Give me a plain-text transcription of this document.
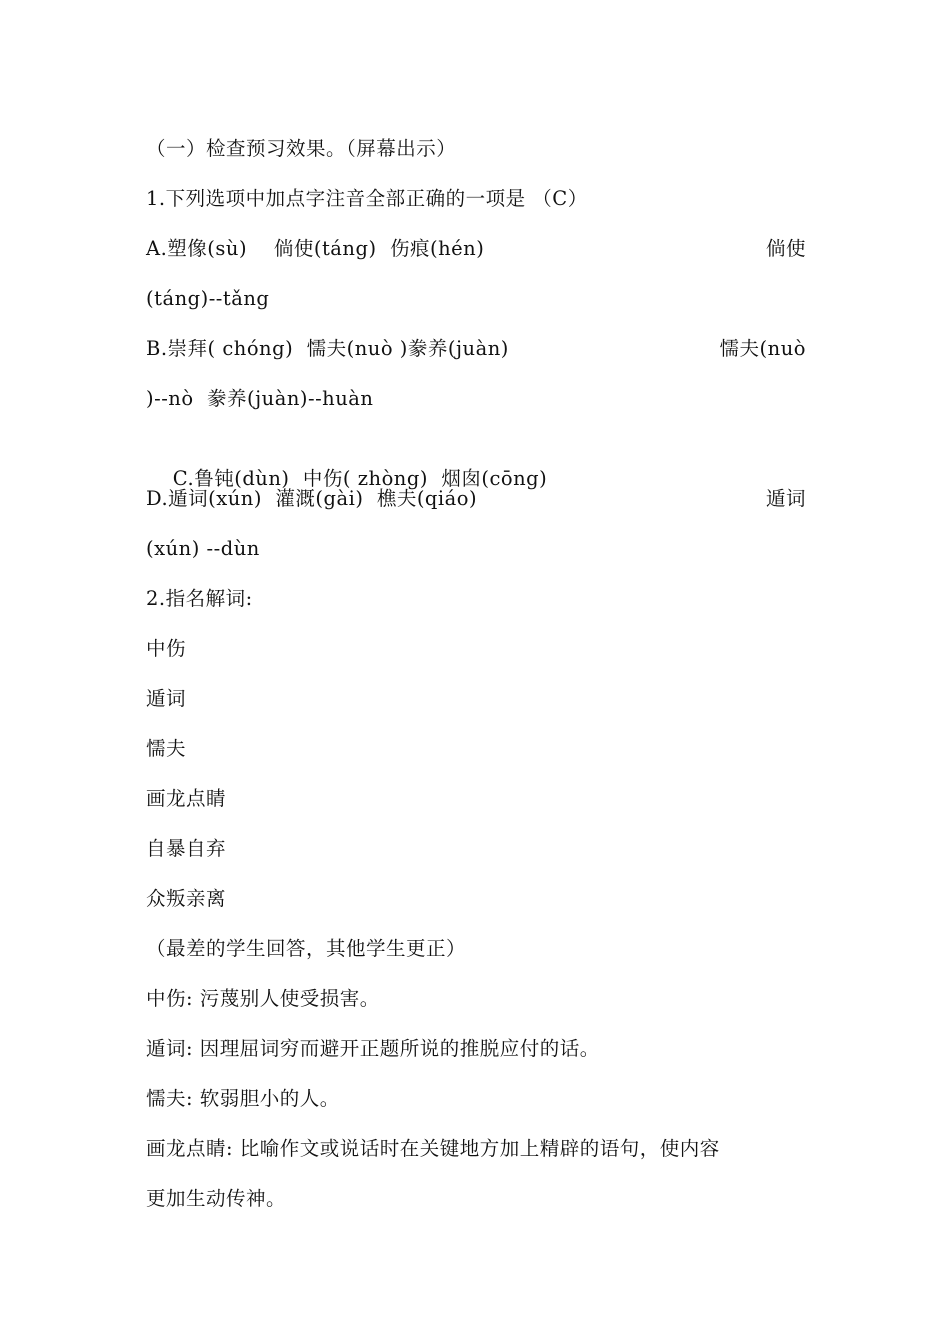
（一）检查预习效果。（屏幕出示）
1.下列选项中加点字注音全部正确的一项是 （C）
A.塑像(sù)    倘使(táng)  伤痕(hén)	倘使
(táng)--tǎng
B.崇拜( chóng)  懦夫(nuò )豢养(juàn)	懦夫(nuò
)--nò  豢养(juàn)--huàn

C.鲁钝(dùn)  中伤( zhòng)  烟囱(cōng)

D.遁词(xún)  灌溉(gài)  樵夫(qiáo)	遁词
(xún) --dùn
2.指名解词:
中伤
遁词
懦夫
画龙点睛
自暴自弃
众叛亲离
（最差的学生回答，其他学生更正）
中伤: 污蔑别人使受损害。
遁词: 因理屈词穷而避开正题所说的推脱应付的话。
懦夫: 软弱胆小的人。
画龙点睛: 比喻作文或说话时在关键地方加上精辟的语句，使内容
更加生动传神。
